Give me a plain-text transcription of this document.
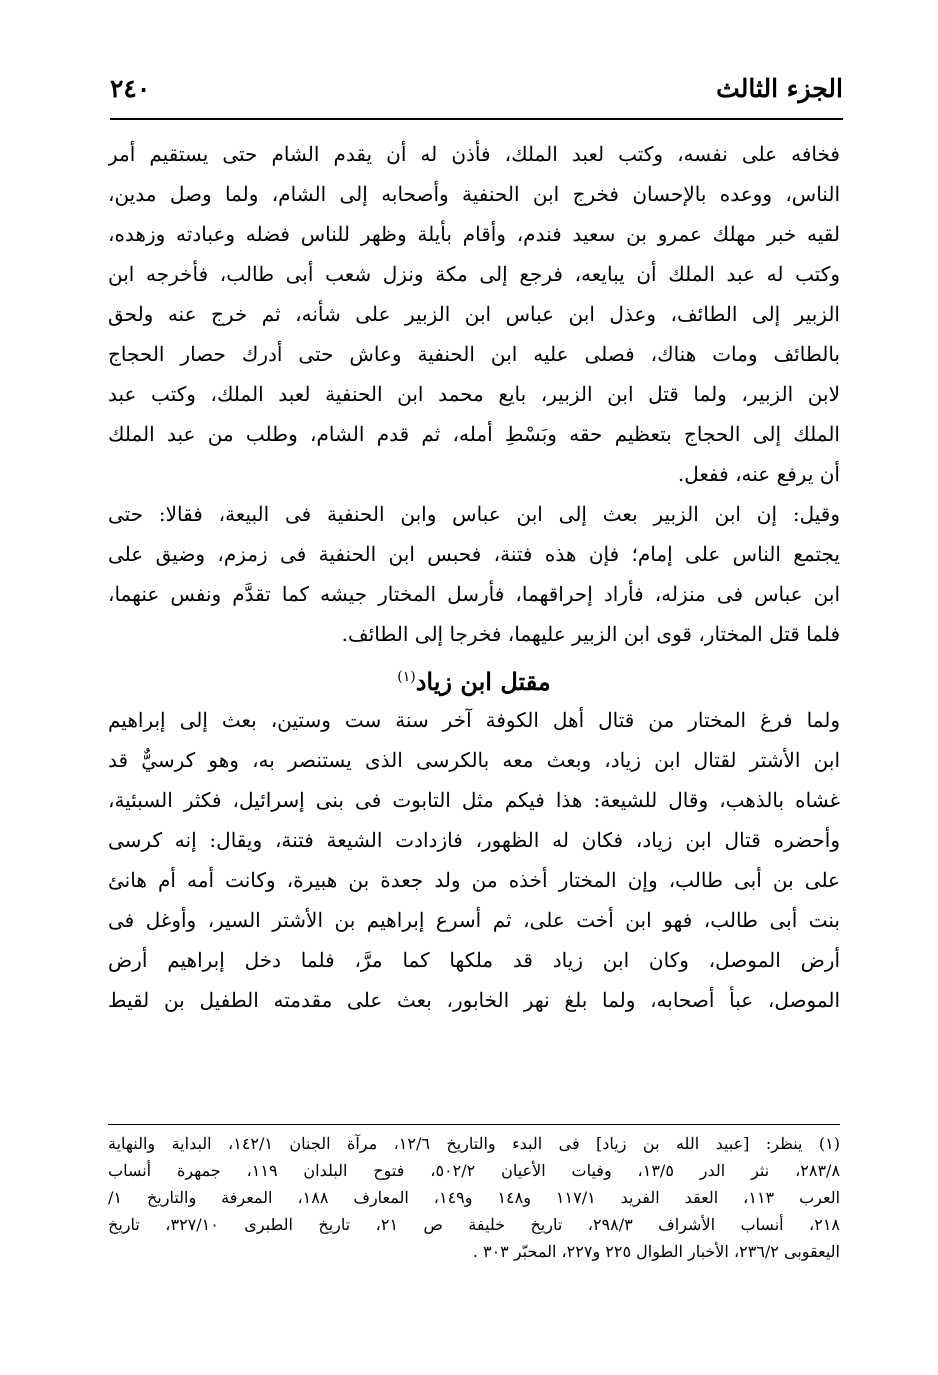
الجزء الثالث
٢٤٠
فخافه على نفسه، وكتب لعبد الملك، فأذن له أن يقدم الشام حتى يستقيم أمر
الناس، ووعده بالإحسان فخرج ابن الحنفية وأصحابه إلى الشام، ولما وصل مدين،
لقيه خبر مهلك عمرو بن سعيد فندم، وأقام بأيلة وظهر للناس فضله وعبادته وزهده،
وكتب له عبد الملك أن يبايعه، فرجع إلى مكة ونزل شعب أبى طالب، فأخرجه ابن
الزبير إلى الطائف، وعذل ابن عباس ابن الزبير على شأنه، ثم خرج عنه ولحق
بالطائف ومات هناك، فصلى عليه ابن الحنفية وعاش حتى أدرك حصار الحجاج
لابن الزبير، ولما قتل ابن الزبير، بايع محمد ابن الحنفية لعبد الملك، وكتب عبد
الملك إلى الحجاج بتعظيم حقه وبَسْطِ أمله، ثم قدم الشام، وطلب من عبد الملك
أن يرفع عنه، ففعل.
وقيل: إن ابن الزبير بعث إلى ابن عباس وابن الحنفية فى البيعة، فقالا: حتى
يجتمع الناس على إمام؛ فإن هذه فتنة، فحبس ابن الحنفية فى زمزم، وضيق على
ابن عباس فى منزله، فأراد إحراقهما، فأرسل المختار جيشه كما تقدَّم ونفس عنهما،
فلما قتل المختار، قوى ابن الزبير عليهما، فخرجا إلى الطائف.
مقتل ابن زياد$^{(١)}$
ولما فرغ المختار من قتال أهل الكوفة آخر سنة ست وستين، بعث إلى إبراهيم
ابن الأشتر لقتال ابن زياد، وبعث معه بالكرسى الذى يستنصر به، وهو كرسيٌّ قد
غشاه بالذهب، وقال للشيعة: هذا فيكم مثل التابوت فى بنى إسرائيل، فكثر السبئية،
وأحضره قتال ابن زياد، فكان له الظهور، فازدادت الشيعة فتنة، ويقال: إنه كرسى
على بن أبى طالب، وإن المختار أخذه من ولد جعدة بن هبيرة، وكانت أمه أم هانئ
بنت أبى طالب، فهو ابن أخت على، ثم أسرع إبراهيم بن الأشتر السير، وأوغل فى
أرض الموصل، وكان ابن زياد قد ملكها كما مرَّ، فلما دخل إبراهيم أرض
الموصل، عبأ أصحابه، ولما بلغ نهر الخابور، بعث على مقدمته الطفيل بن لقيط
(١) ينظر: [عبيد الله بن زياد] فى البدء والتاريخ ١٢/٦، مرآة الجنان ١٤٢/١، البداية والنهاية
٢٨٣/٨، نثر الدر ١٣/٥، وفيات الأعيان ٥٠٢/٢، فتوح البلدان ١١٩، جمهرة أنساب
العرب ١١٣، العقد الفريد ١١٧/١ و١٤٨ و١٤٩، المعارف ١٨٨، المعرفة والتاريخ ١/
٢١٨، أنساب الأشراف ٢٩٨/٣، تاريخ خليفة ص ٢١، تاريخ الطبرى ٣٢٧/١٠، تاريخ
اليعقوبى ٢٣٦/٢، الأخبار الطوال ٢٢٥ و٢٢٧، المحبّر ٣٠٣ .
